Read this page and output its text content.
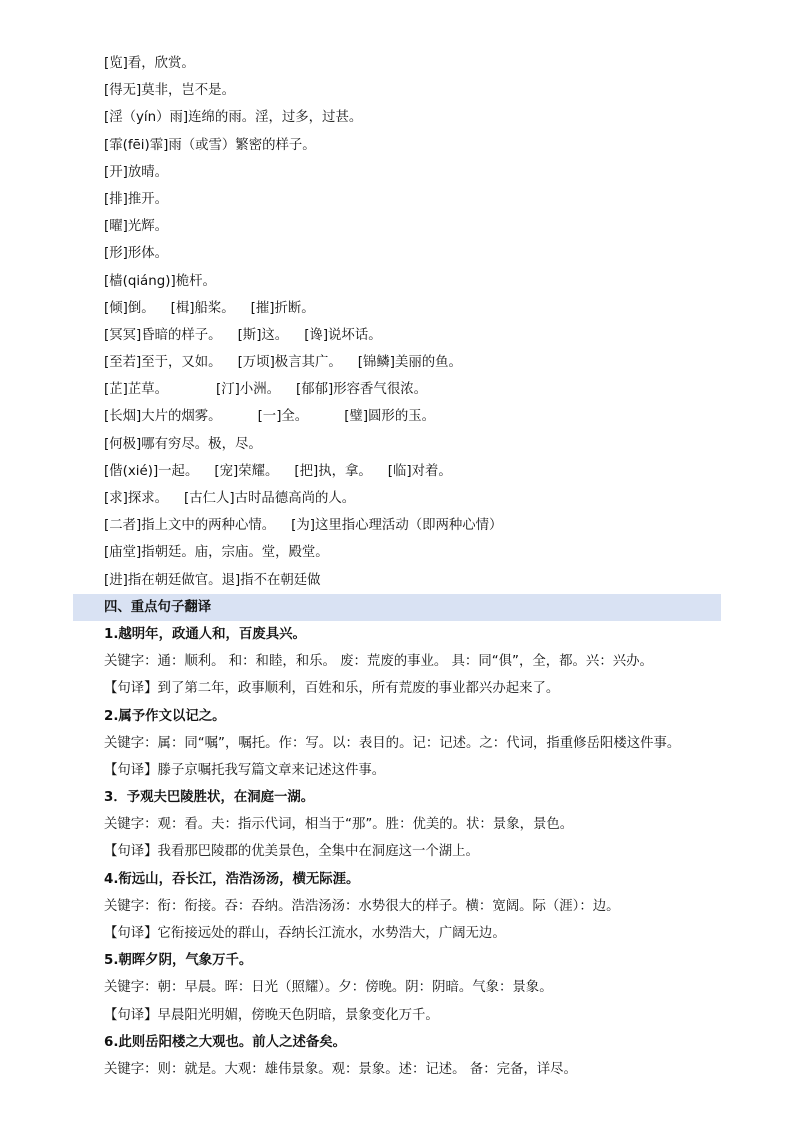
[览]看，欣赏。
[得无]莫非，岂不是。
[淫（yín）雨]连绵的雨。淫，过多，过甚。
[霏(fēi)霏]雨（或雪）繁密的样子。
[开]放晴。
[排]推开。
[曜]光辉。
[形]形体。
[樯(qiáng)]桅杆。
[倾]倒。 [楫]船桨。 [摧]折断。
[冥冥]昏暗的样子。 [斯]这。 [谗]说坏话。
[至若]至于，又如。 [万顷]极言其广。 [锦鳞]美丽的鱼。
[芷]芷草。	[汀]小洲。 [郁郁]形容香气很浓。
[长烟]大片的烟雾。	[一]全。	[璧]圆形的玉。
[何极]哪有穷尽。极，尽。
[偕(xié)]一起。 [宠]荣耀。 [把]执，拿。 [临]对着。
[求]探求。 [古仁人]古时品德高尚的人。
[二者]指上文中的两种心情。 [为]这里指心理活动（即两种心情）
[庙堂]指朝廷。庙，宗庙。堂，殿堂。
[进]指在朝廷做官。退]指不在朝廷做
四、重点句子翻译
1.越明年，政通人和，百废具兴。
关键字：通：顺利。 和：和睦，和乐。 废：荒废的事业。 具：同“俱”，全，都。兴：兴办。
【句译】到了第二年，政事顺利，百姓和乐，所有荒废的事业都兴办起来了。
2.属予作文以记之。
关键字：属：同“嘱”，嘱托。作：写。以：表目的。记：记述。之：代词，指重修岳阳楼这件事。
【句译】滕子京嘱托我写篇文章来记述这件事。
3．予观夫巴陵胜状，在洞庭一湖。
关键字：观：看。夫：指示代词，相当于“那”。胜：优美的。状：景象，景色。
【句译】我看那巴陵郡的优美景色，全集中在洞庭这一个湖上。
4.衔远山，吞长江，浩浩汤汤，横无际涯。
关键字：衔：衔接。吞：吞纳。浩浩汤汤：水势很大的样子。横：宽阔。际（涯）：边。
【句译】它衔接远处的群山，吞纳长江流水，水势浩大，广阔无边。
5.朝晖夕阴，气象万千。
关键字：朝：早晨。晖：日光（照耀）。夕：傍晚。阴：阴暗。气象：景象。
【句译】早晨阳光明媚，傍晚天色阴暗，景象变化万千。
6.此则岳阳楼之大观也。前人之述备矣。
关键字：则：就是。大观：雄伟景象。观：景象。述：记述。 备：完备，详尽。
